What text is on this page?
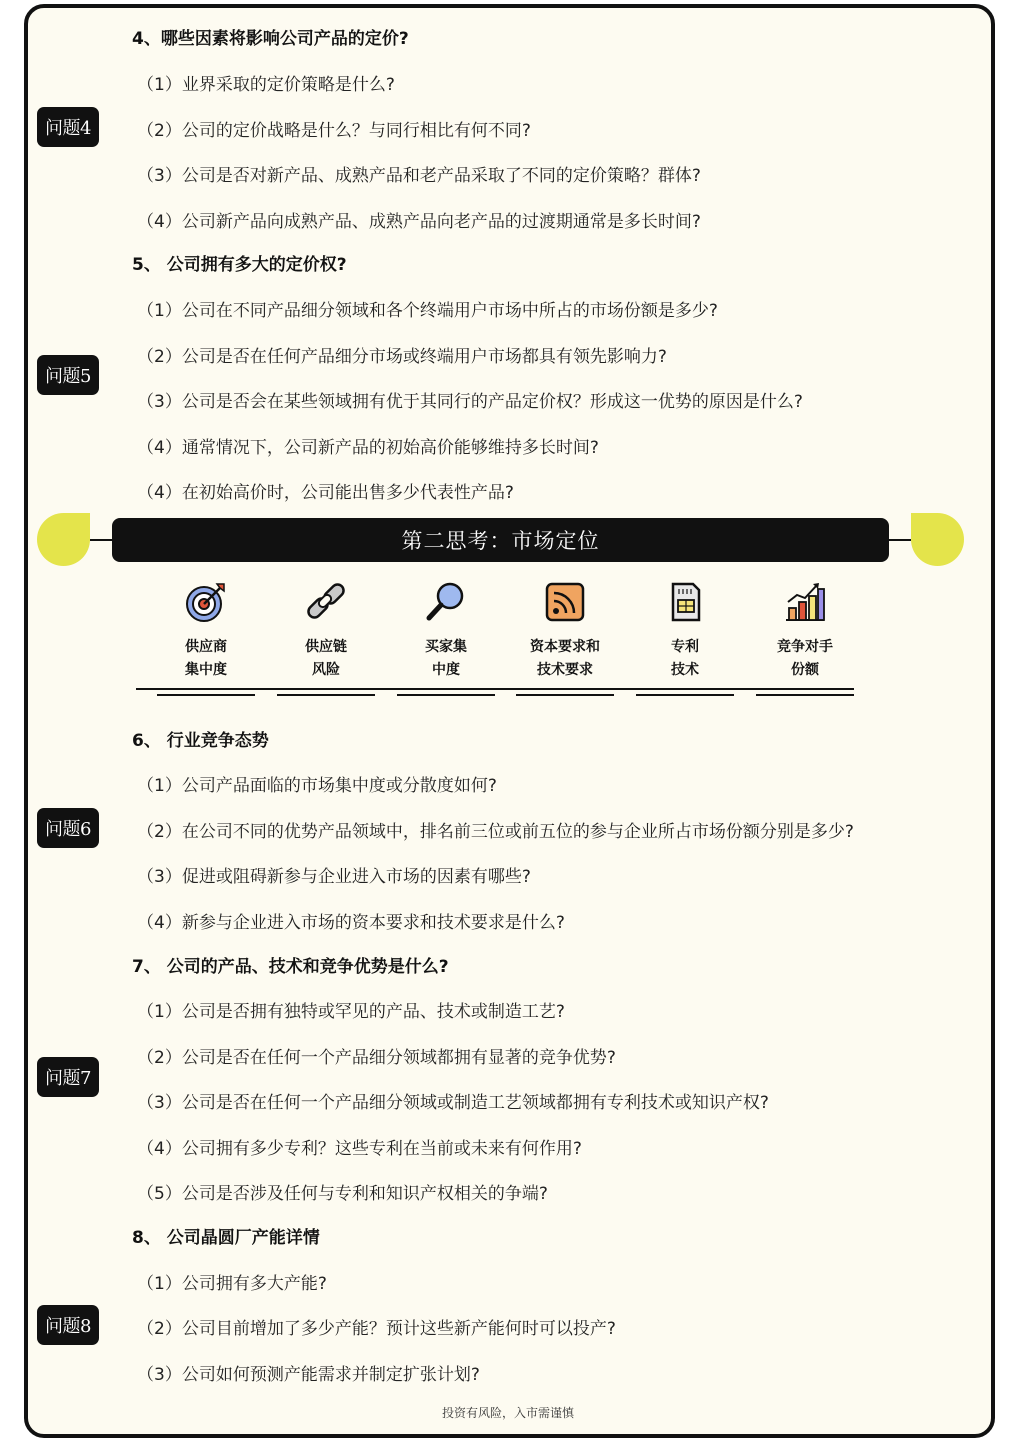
4、哪些因素将影响公司产品的定价?
（1）业界采取的定价策略是什么?
（2）公司的定价战略是什么？与同行相比有何不同?
（3）公司是否对新产品、成熟产品和老产品采取了不同的定价策略？群体?
（4）公司新产品向成熟产品、成熟产品向老产品的过渡期通常是多长时间?
问题4
5、 公司拥有多大的定价权?
（1）公司在不同产品细分领域和各个终端用户市场中所占的市场份额是多少?
（2）公司是否在任何产品细分市场或终端用户市场都具有领先影响力?
（3）公司是否会在某些领域拥有优于其同行的产品定价权？形成这一优势的原因是什么?
（4）通常情况下，公司新产品的初始高价能够维持多长时间?
（4）在初始高价时，公司能出售多少代表性产品?
问题5
第二思考：市场定位
供应商
集中度
供应链
风险
买家集
中度
资本要求和
技术要求
专利
技术
竞争对手
份额
6、 行业竞争态势
（1）公司产品面临的市场集中度或分散度如何?
（2）在公司不同的优势产品领域中，排名前三位或前五位的参与企业所占市场份额分别是多少?
（3）促进或阻碍新参与企业进入市场的因素有哪些?
（4）新参与企业进入市场的资本要求和技术要求是什么?
问题6
7、 公司的产品、技术和竞争优势是什么?
（1）公司是否拥有独特或罕见的产品、技术或制造工艺?
（2）公司是否在任何一个产品细分领域都拥有显著的竞争优势?
（3）公司是否在任何一个产品细分领域或制造工艺领域都拥有专利技术或知识产权?
（4）公司拥有多少专利？这些专利在当前或未来有何作用?
（5）公司是否涉及任何与专利和知识产权相关的争端?
问题7
8、 公司晶圆厂产能详情
（1）公司拥有多大产能?
（2）公司目前增加了多少产能？预计这些新产能何时可以投产?
（3）公司如何预测产能需求并制定扩张计划?
问题8
投资有风险，入市需谨慎
